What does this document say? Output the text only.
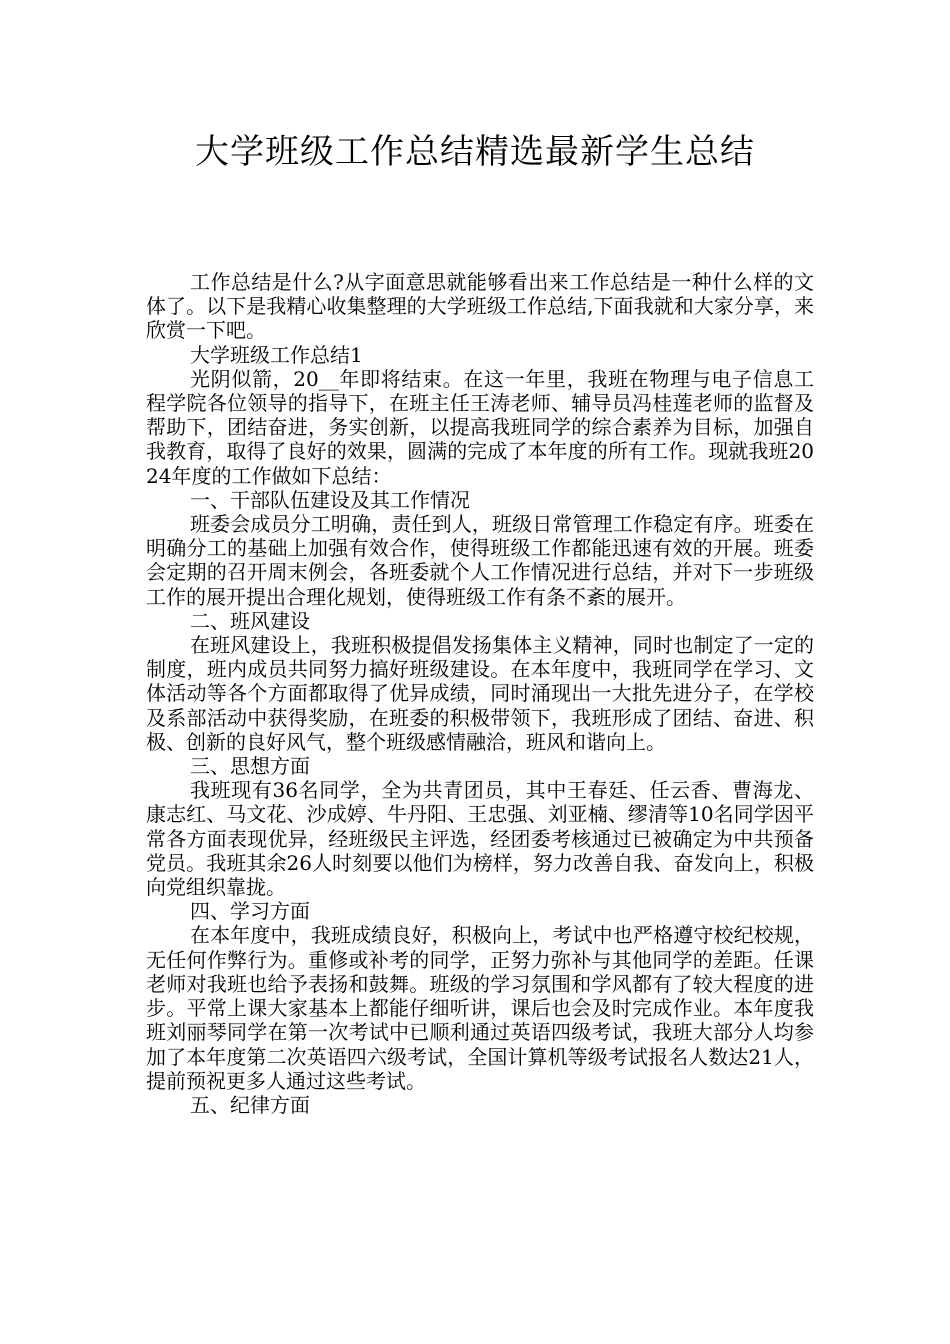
大学班级工作总结精选最新学生总结

工作总结是什么?从字面意思就能够看出来工作总结是一种什么样的文体了。以下是我精心收集整理的大学班级工作总结,下面我就和大家分享，来欣赏一下吧。

大学班级工作总结1

光阴似箭，20__年即将结束。在这一年里，我班在物理与电子信息工程学院各位领导的指导下，在班主任王涛老师、辅导员冯桂莲老师的监督及帮助下，团结奋进，务实创新，以提高我班同学的综合素养为目标，加强自我教育，取得了良好的效果，圆满的完成了本年度的所有工作。现就我班2024年度的工作做如下总结：

一、干部队伍建设及其工作情况

班委会成员分工明确，责任到人，班级日常管理工作稳定有序。班委在明确分工的基础上加强有效合作，使得班级工作都能迅速有效的开展。班委会定期的召开周末例会，各班委就个人工作情况进行总结，并对下一步班级工作的展开提出合理化规划，使得班级工作有条不紊的展开。

二、班风建设

在班风建设上，我班积极提倡发扬集体主义精神，同时也制定了一定的制度，班内成员共同努力搞好班级建设。在本年度中，我班同学在学习、文体活动等各个方面都取得了优异成绩，同时涌现出一大批先进分子，在学校及系部活动中获得奖励，在班委的积极带领下，我班形成了团结、奋进、积极、创新的良好风气，整个班级感情融洽，班风和谐向上。

三、思想方面

我班现有36名同学，全为共青团员，其中王春廷、任云香、曹海龙、康志红、马文花、沙成婷、牛丹阳、王忠强、刘亚楠、缪清等10名同学因平常各方面表现优异，经班级民主评选，经团委考核通过已被确定为中共预备党员。我班其余26人时刻要以他们为榜样，努力改善自我、奋发向上，积极向党组织靠拢。

四、学习方面

在本年度中，我班成绩良好，积极向上，考试中也严格遵守校纪校规，无任何作弊行为。重修或补考的同学，正努力弥补与其他同学的差距。任课老师对我班也给予表扬和鼓舞。班级的学习氛围和学风都有了较大程度的进步。平常上课大家基本上都能仔细听讲，课后也会及时完成作业。本年度我班刘丽琴同学在第一次考试中已顺利通过英语四级考试，我班大部分人均参加了本年度第二次英语四六级考试，全国计算机等级考试报名人数达21人，提前预祝更多人通过这些考试。

五、纪律方面
